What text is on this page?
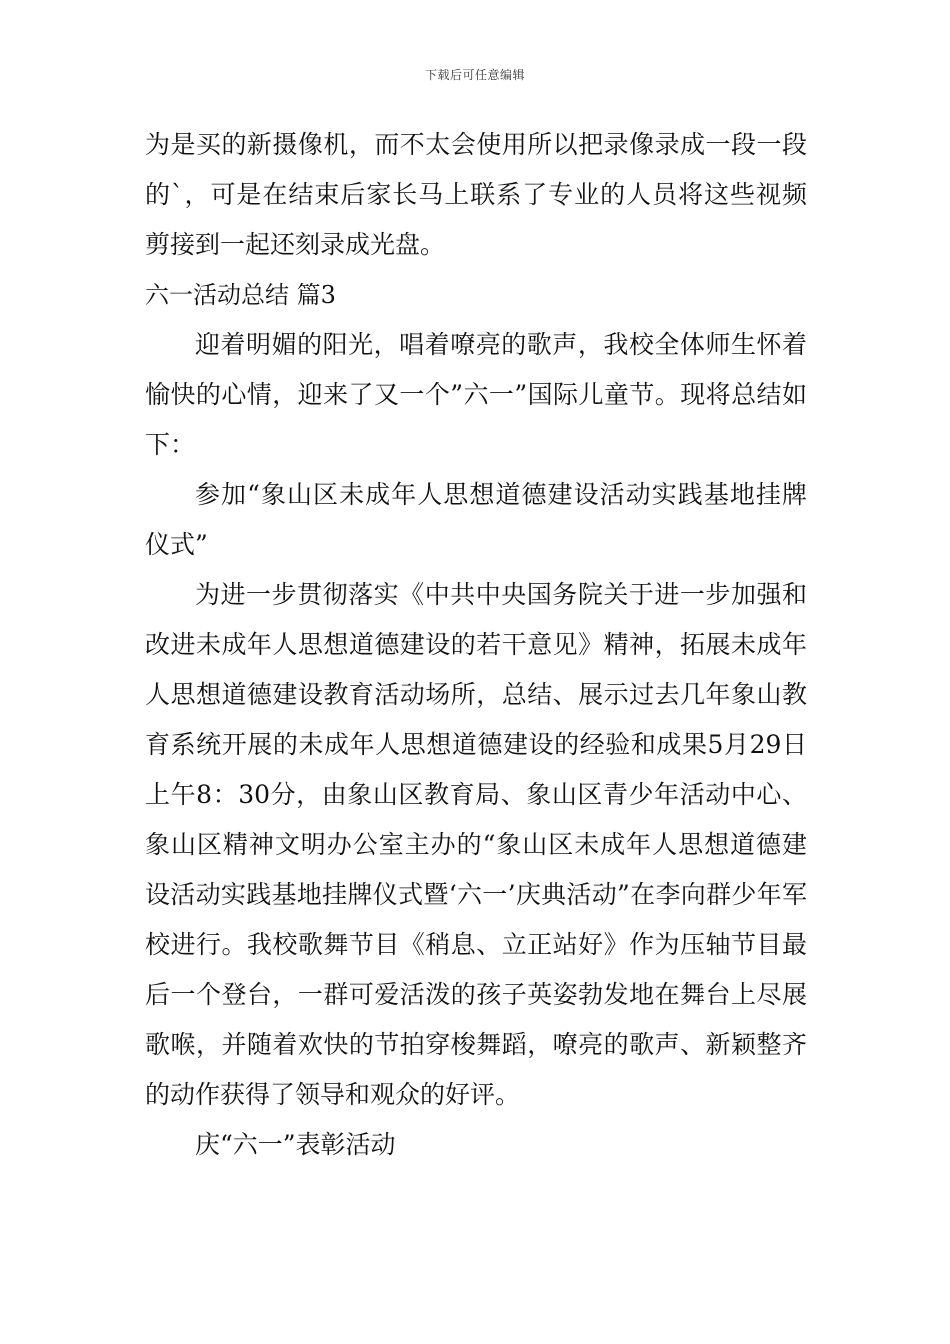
下载后可任意编辑

为是买的新摄像机，而不太会使用所以把录像录成一段一段的`，可是在结束后家长马上联系了专业的人员将这些视频剪接到一起还刻录成光盘。

六一活动总结 篇3

迎着明媚的阳光，唱着嘹亮的歌声，我校全体师生怀着愉快的心情，迎来了又一个”六一”国际儿童节。现将总结如下：

参加“象山区未成年人思想道德建设活动实践基地挂牌仪式”

为进一步贯彻落实《中共中央国务院关于进一步加强和改进未成年人思想道德建设的若干意见》精神，拓展未成年人思想道德建设教育活动场所，总结、展示过去几年象山教育系统开展的未成年人思想道德建设的经验和成果5月29日上午8：30分，由象山区教育局、象山区青少年活动中心、象山区精神文明办公室主办的“象山区未成年人思想道德建设活动实践基地挂牌仪式暨‘六一’庆典活动”在李向群少年军校进行。我校歌舞节目《稍息、立正站好》作为压轴节目最后一个登台，一群可爱活泼的孩子英姿勃发地在舞台上尽展歌喉，并随着欢快的节拍穿梭舞蹈，嘹亮的歌声、新颖整齐的动作获得了领导和观众的好评。

庆“六一”表彰活动
